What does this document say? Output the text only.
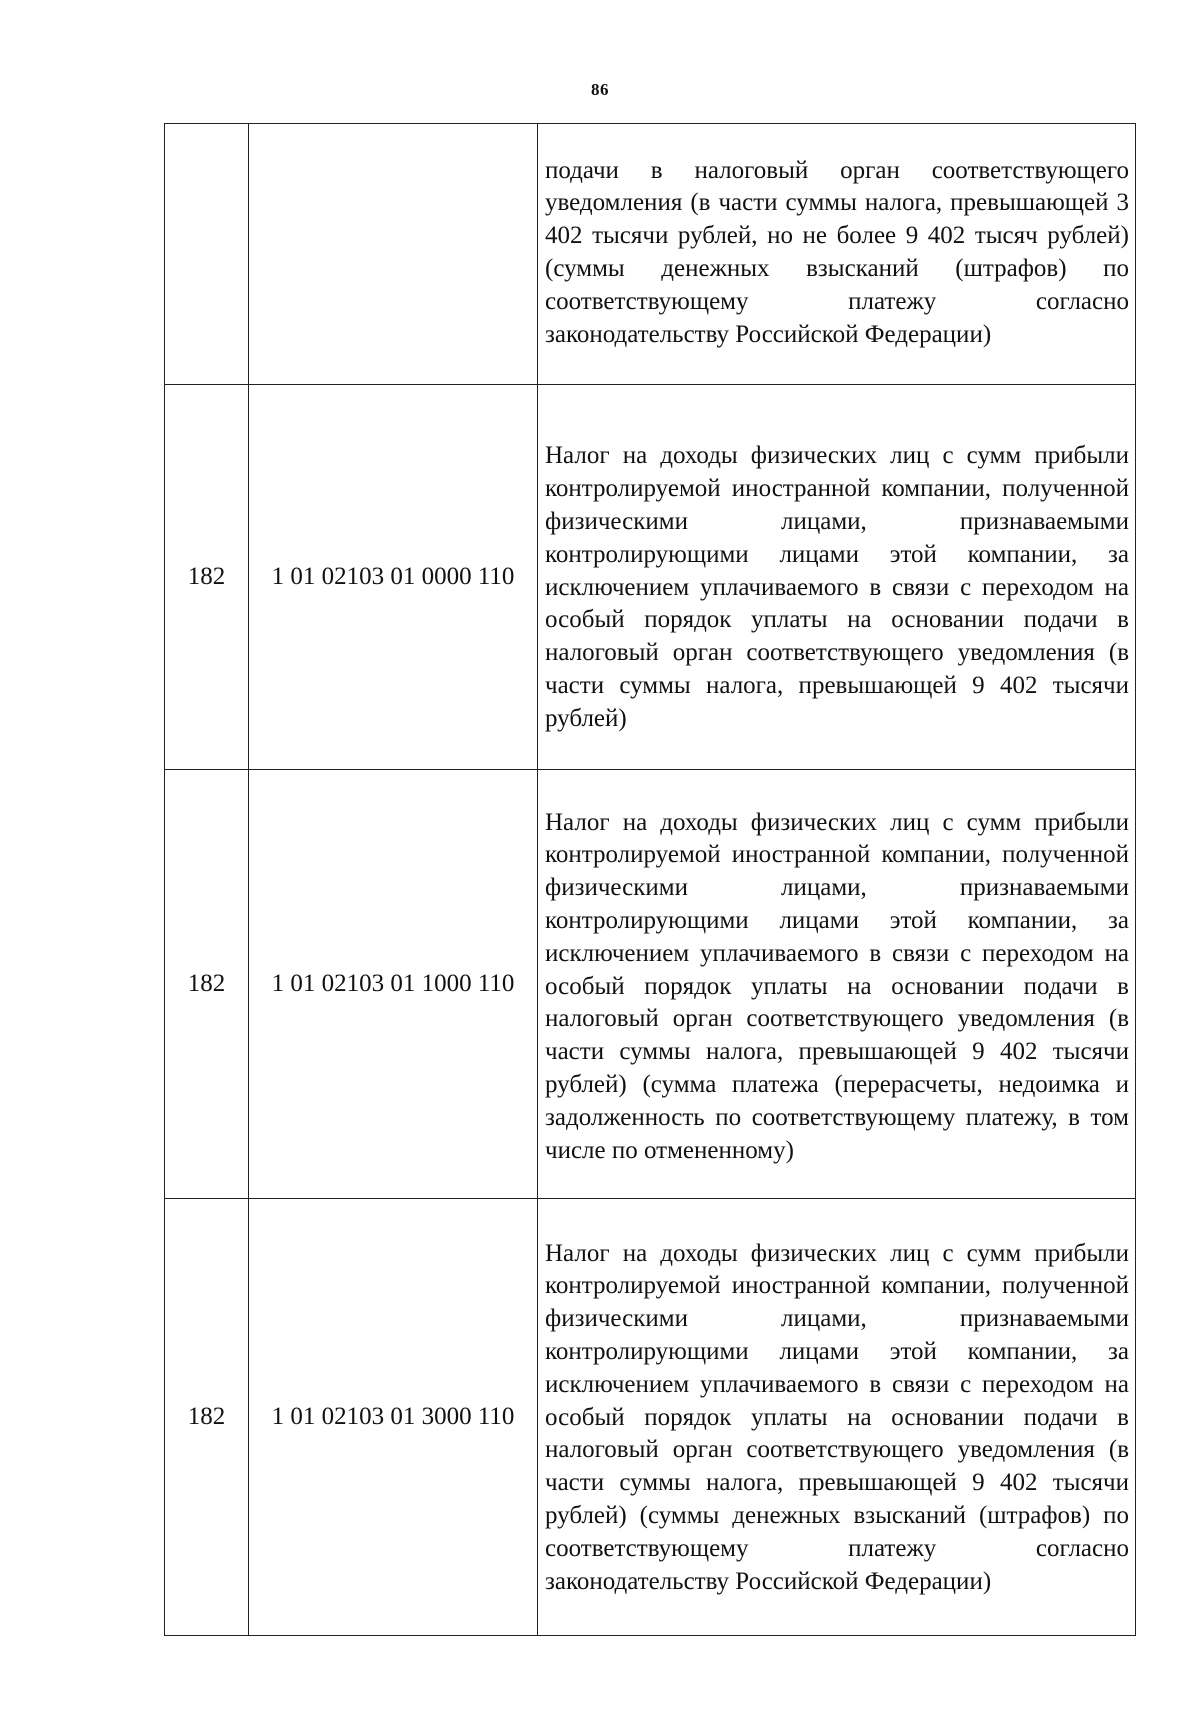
86
		подачи в налоговый орган соответствующего уведомления (в части суммы налога, превышающей 3 402 тысячи рублей, но не более 9 402 тысяч рублей) (суммы денежных взысканий (штрафов) по соответствующему платежу согласно законодательству Российской Федерации)
182	1 01 02103 01 0000 110	Налог на доходы физических лиц с сумм прибыли контролируемой иностранной компании, полученной физическими лицами, признаваемыми контролирующими лицами этой компании, за исключением уплачиваемого в связи с переходом на особый порядок уплаты на основании подачи в налоговый орган соответствующего уведомления (в части суммы налога, превышающей 9 402 тысячи рублей)
182	1 01 02103 01 1000 110	Налог на доходы физических лиц с сумм прибыли контролируемой иностранной компании, полученной физическими лицами, признаваемыми контролирующими лицами этой компании, за исключением уплачиваемого в связи с переходом на особый порядок уплаты на основании подачи в налоговый орган соответствующего уведомления (в части суммы налога, превышающей 9 402 тысячи рублей) (сумма платежа (перерасчеты, недоимка и задолженность по соответствующему платежу, в том числе по отмененному)
182	1 01 02103 01 3000 110	Налог на доходы физических лиц с сумм прибыли контролируемой иностранной компании, полученной физическими лицами, признаваемыми контролирующими лицами этой компании, за исключением уплачиваемого в связи с переходом на особый порядок уплаты на основании подачи в налоговый орган соответствующего уведомления (в части суммы налога, превышающей 9 402 тысячи рублей) (суммы денежных взысканий (штрафов) по соответствующему платежу согласно законодательству Российской Федерации)
